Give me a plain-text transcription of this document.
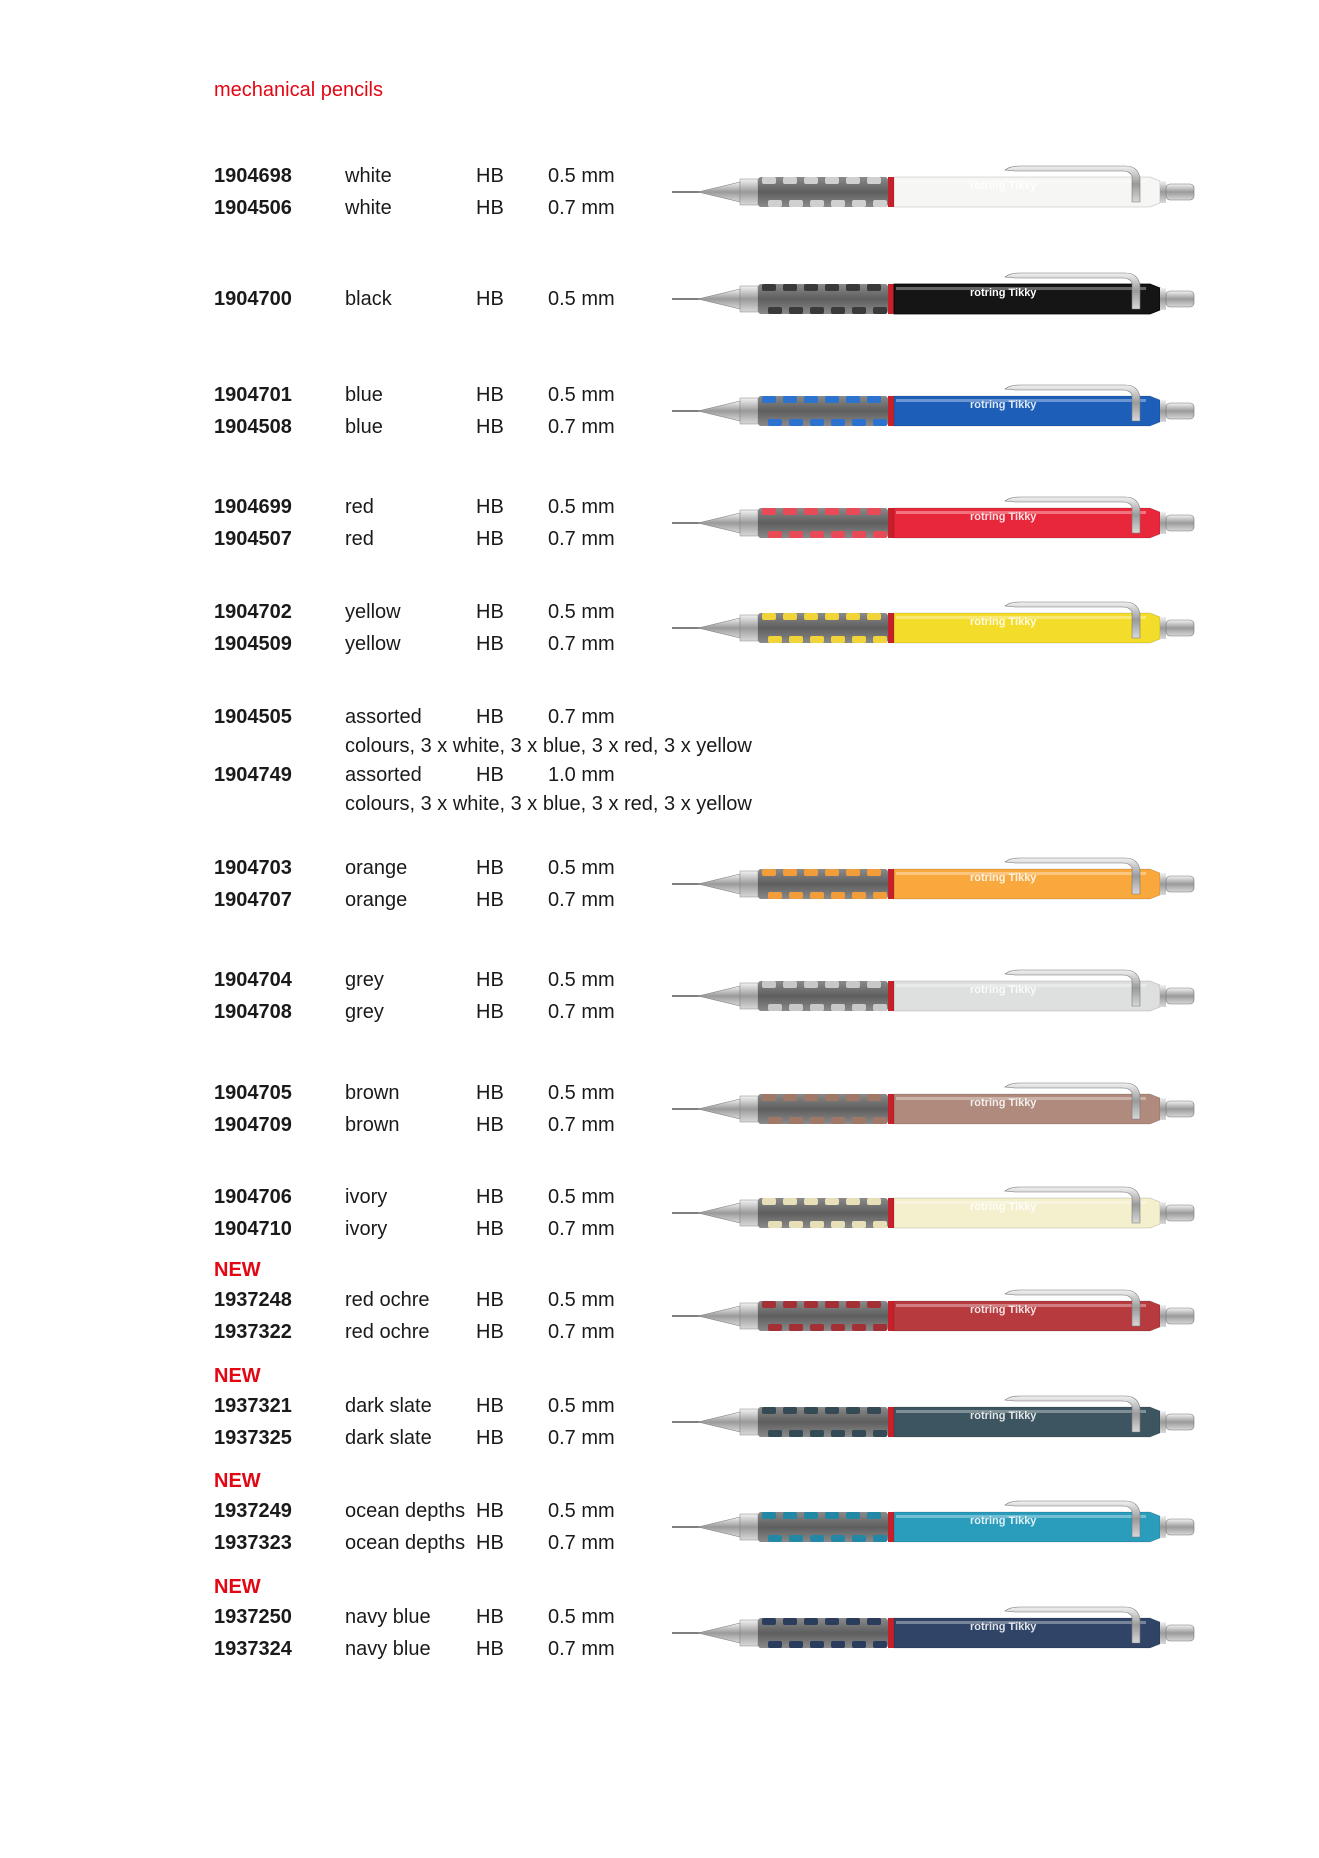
mechanical pencils
1904698	white	HB 0.5 mm
1904506	white	HB 0.7 mm
rotring Tikky
1904700	black	HB 0.5 mm	rotring Tikky
1904701	blue	HB 0.5 mm
1904508	blue	HB 0.7 mm
rotring Tikky
1904699	red	HB 0.5 mm
1904507	red	HB 0.7 mm
rotring Tikky
1904702	yellow	HB 0.5 mm
1904509	yellow	HB 0.7 mm
rotring Tikky
1904505	assorted	HB 0.7 mm
colours, 3 x white, 3 x blue, 3 x red, 3 x yellow
1904749	assorted	HB 1.0 mm
colours, 3 x white, 3 x blue, 3 x red, 3 x yellow
1904703	orange	HB 0.5 mm
1904707	orange	HB 0.7 mm
rotring Tikky
1904704	grey	HB 0.5 mm
1904708	grey	HB 0.7 mm
rotring Tikky
1904705	brown	HB 0.5 mm
1904709	brown	HB 0.7 mm
rotring Tikky
1904706	ivory	HB 0.5 mm
1904710	ivory	HB 0.7 mm
rotring Tikky
NEW
1937248	red ochre HB 0.5 mm
1937322	red ochre HB 0.7 mm
rotring Tikky
NEW
1937321	dark slate HB 0.5 mm
1937325	dark slate HB 0.7 mm
rotring Tikky
NEW
1937249	ocean depths HB 0.5 mm
1937323	ocean depths HB 0.7 mm
rotring Tikky
NEW
1937250	navy blue HB 0.5 mm
1937324	navy blue HB 0.7 mm
rotring Tikky
